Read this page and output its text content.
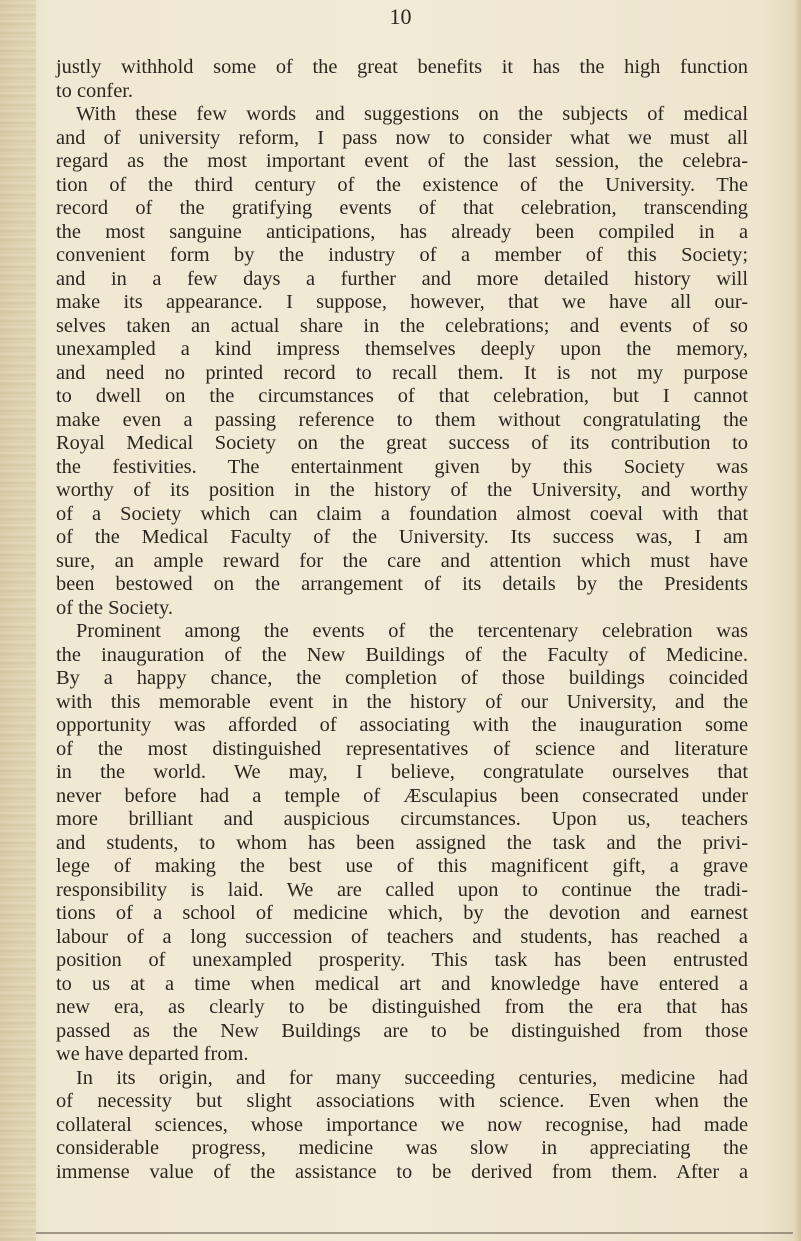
10
justly withhold some of the great benefits it has the high function
to confer.
With these few words and suggestions on the subjects of medical
and of university reform, I pass now to consider what we must all
regard as the most important event of the last session, the celebra-
tion of the third century of the existence of the University. The
record of the gratifying events of that celebration, transcending
the most sanguine anticipations, has already been compiled in a
convenient form by the industry of a member of this Society;
and in a few days a further and more detailed history will
make its appearance. I suppose, however, that we have all our-
selves taken an actual share in the celebrations; and events of so
unexampled a kind impress themselves deeply upon the memory,
and need no printed record to recall them. It is not my purpose
to dwell on the circumstances of that celebration, but I cannot
make even a passing reference to them without congratulating the
Royal Medical Society on the great success of its contribution to
the festivities. The entertainment given by this Society was
worthy of its position in the history of the University, and worthy
of a Society which can claim a foundation almost coeval with that
of the Medical Faculty of the University. Its success was, I am
sure, an ample reward for the care and attention which must have
been bestowed on the arrangement of its details by the Presidents
of the Society.
Prominent among the events of the tercentenary celebration was
the inauguration of the New Buildings of the Faculty of Medicine.
By a happy chance, the completion of those buildings coincided
with this memorable event in the history of our University, and the
opportunity was afforded of associating with the inauguration some
of the most distinguished representatives of science and literature
in the world. We may, I believe, congratulate ourselves that
never before had a temple of Æsculapius been consecrated under
more brilliant and auspicious circumstances. Upon us, teachers
and students, to whom has been assigned the task and the privi-
lege of making the best use of this magnificent gift, a grave
responsibility is laid. We are called upon to continue the tradi-
tions of a school of medicine which, by the devotion and earnest
labour of a long succession of teachers and students, has reached a
position of unexampled prosperity. This task has been entrusted
to us at a time when medical art and knowledge have entered a
new era, as clearly to be distinguished from the era that has
passed as the New Buildings are to be distinguished from those
we have departed from.
In its origin, and for many succeeding centuries, medicine had
of necessity but slight associations with science. Even when the
collateral sciences, whose importance we now recognise, had made
considerable progress, medicine was slow in appreciating the
immense value of the assistance to be derived from them. After a
